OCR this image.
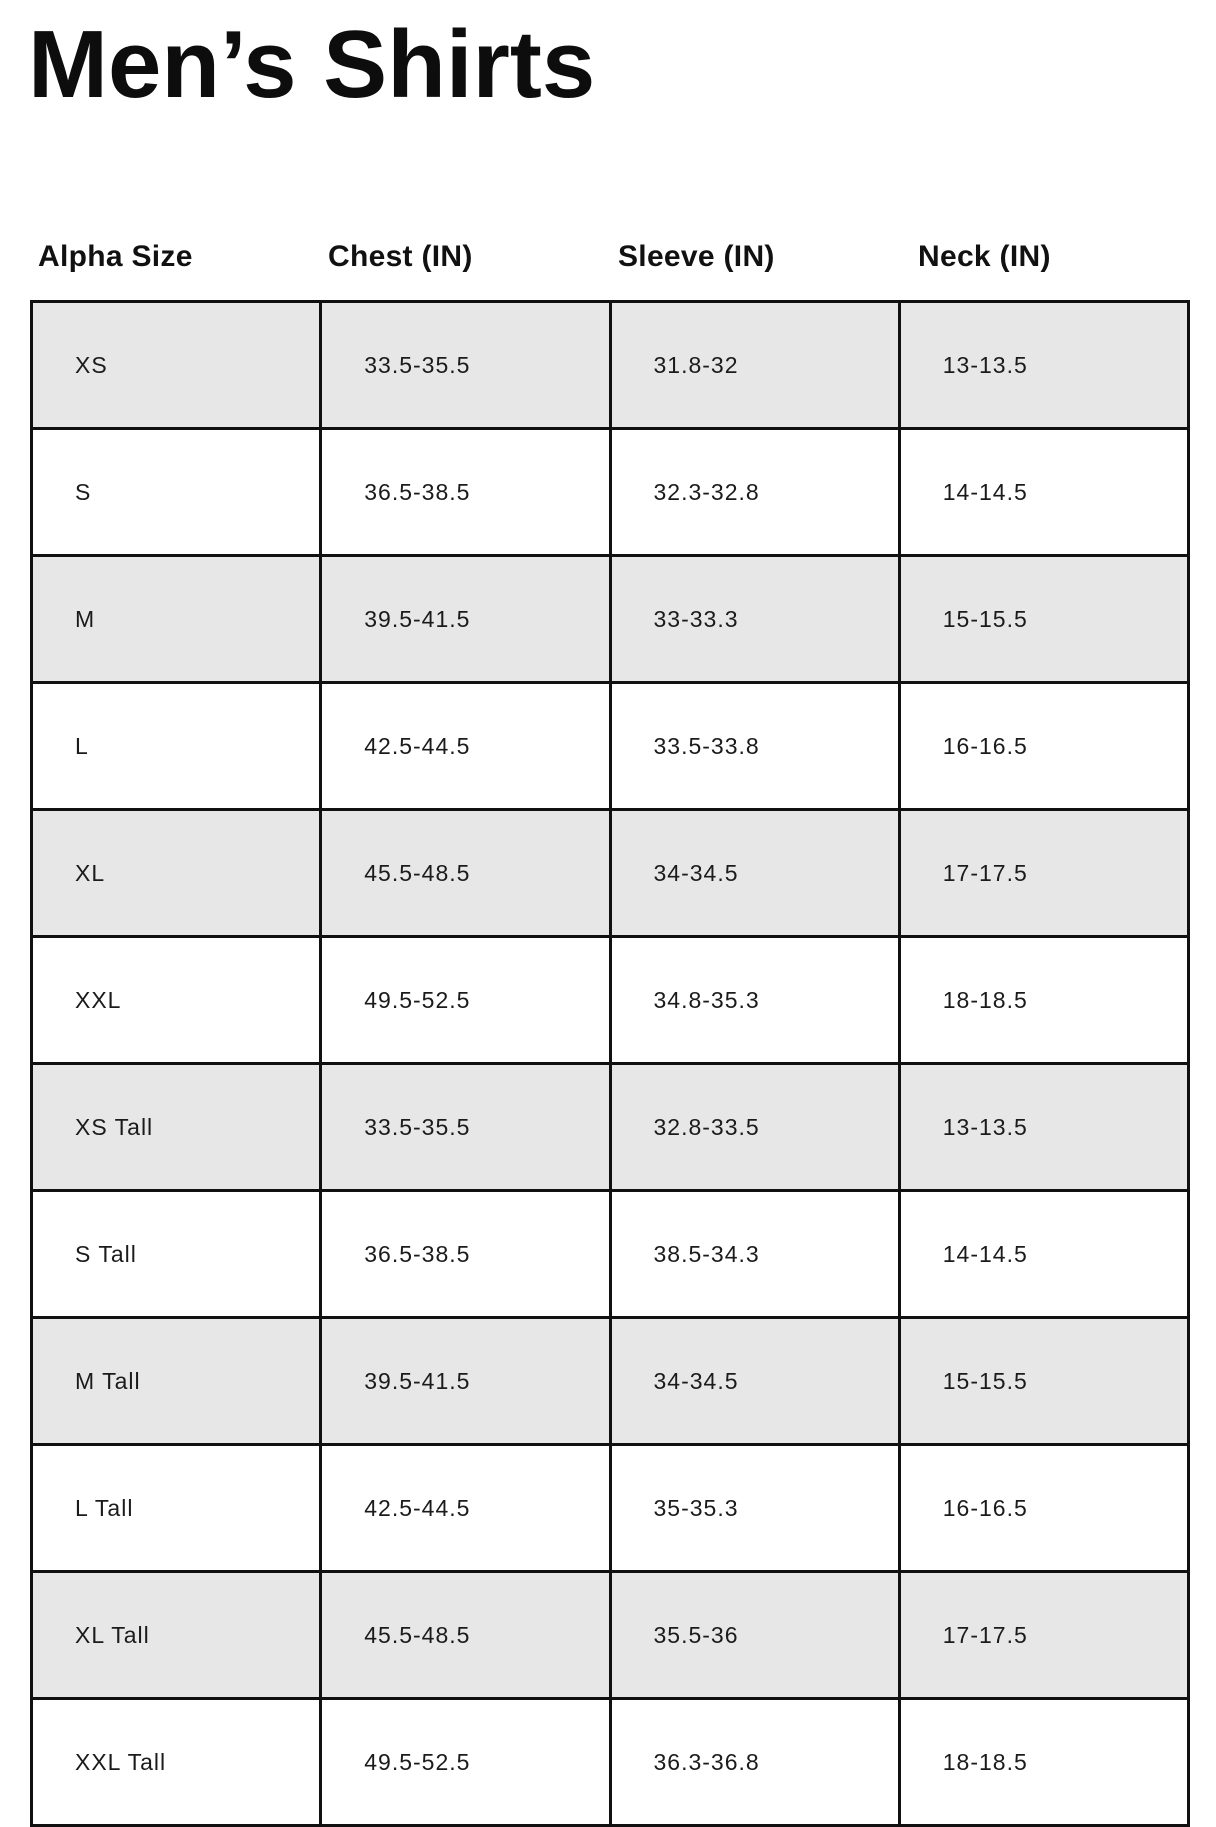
Men’s Shirts
Alpha Size	Chest (IN)	Sleeve (IN)	Neck (IN)
XS	33.5-35.5	31.8-32	13-13.5
S	36.5-38.5	32.3-32.8	14-14.5
M	39.5-41.5	33-33.3	15-15.5
L	42.5-44.5	33.5-33.8	16-16.5
XL	45.5-48.5	34-34.5	17-17.5
XXL	49.5-52.5	34.8-35.3	18-18.5
XS Tall	33.5-35.5	32.8-33.5	13-13.5
S Tall	36.5-38.5	38.5-34.3	14-14.5
M Tall	39.5-41.5	34-34.5	15-15.5
L Tall	42.5-44.5	35-35.3	16-16.5
XL Tall	45.5-48.5	35.5-36	17-17.5
XXL Tall	49.5-52.5	36.3-36.8	18-18.5
